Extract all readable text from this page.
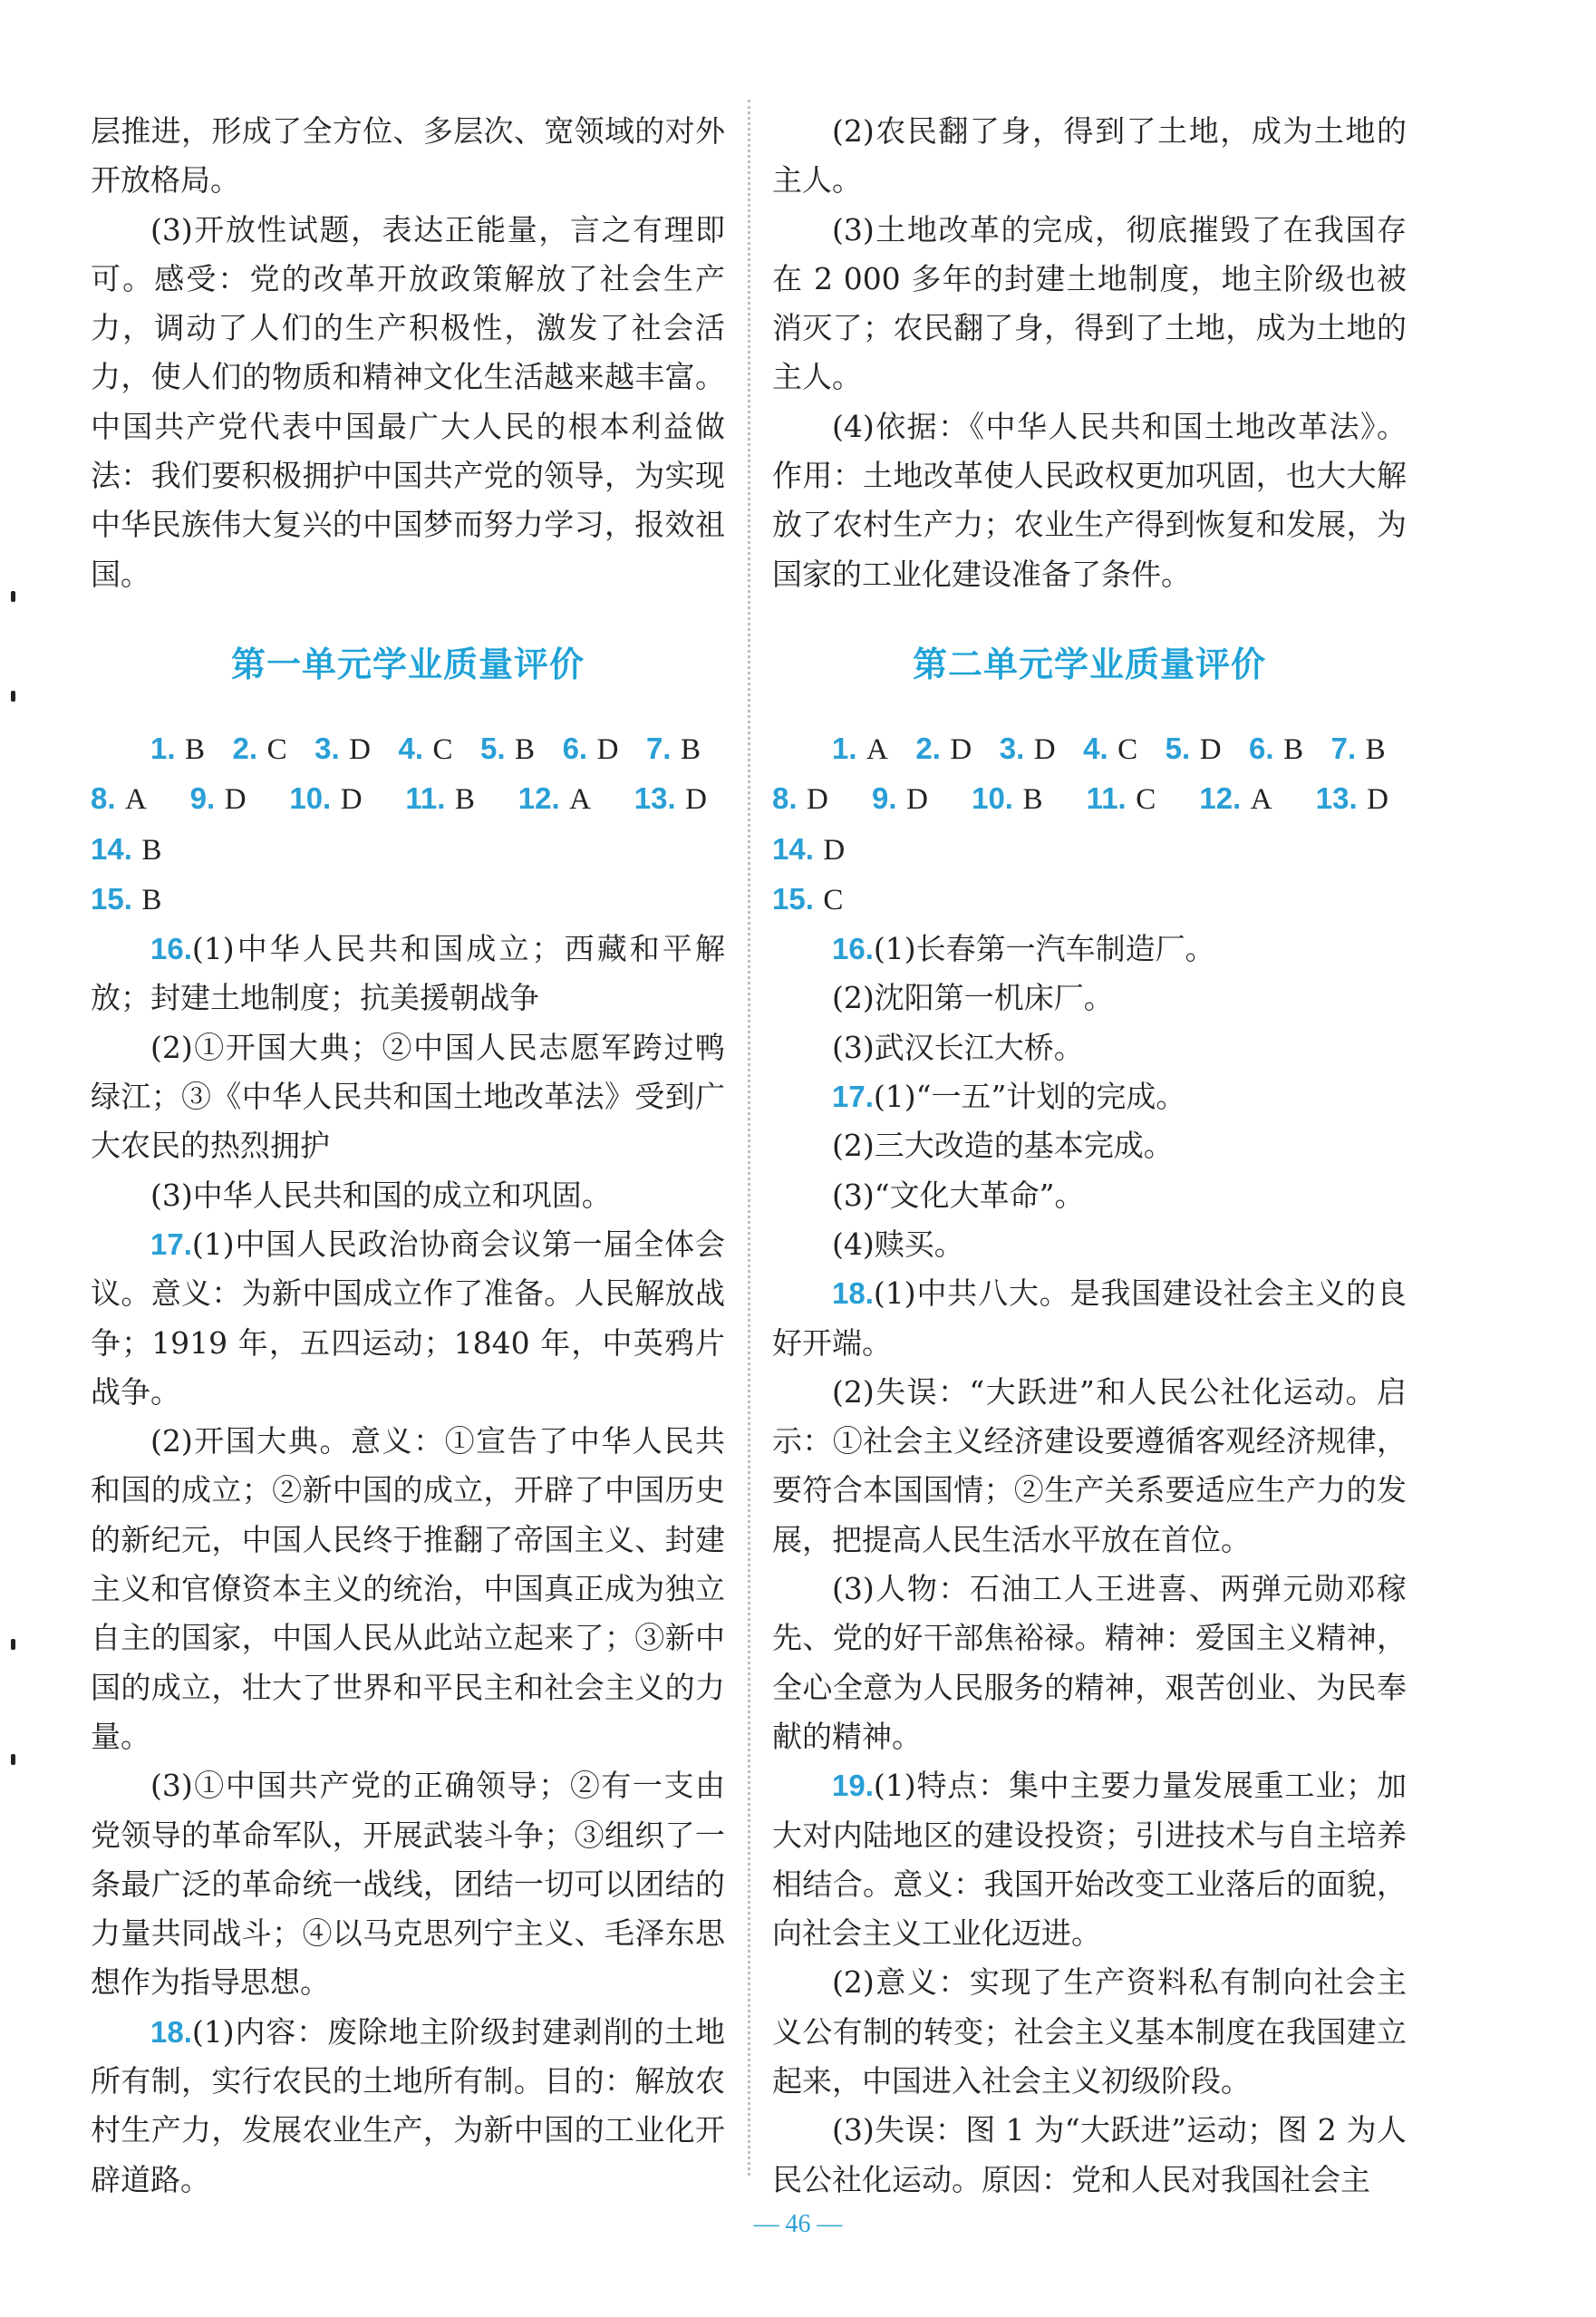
层推进，形成了全方位、多层次、宽领域的对外开放格局。

(3)开放性试题，表达正能量，言之有理即可。感受：党的改革开放政策解放了社会生产力，调动了人们的生产积极性，激发了社会活力，使人们的物质和精神文化生活越来越丰富。中国共产党代表中国最广大人民的根本利益做法：我们要积极拥护中国共产党的领导，为实现中华民族伟大复兴的中国梦而努力学习，报效祖国。

第一单元学业质量评价

1. B 2. C 3. D 4. C 5. B 6. D 7. B

8. A 9. D 10. D 11. B 12. A 13. D 14. B

15. B

16.(1)中华人民共和国成立；西藏和平解放；封建土地制度；抗美援朝战争

(2)①开国大典；②中国人民志愿军跨过鸭绿江；③《中华人民共和国土地改革法》受到广大农民的热烈拥护

(3)中华人民共和国的成立和巩固。

17.(1)中国人民政治协商会议第一届全体会议。意义：为新中国成立作了准备。人民解放战争；1919 年，五四运动；1840 年，中英鸦片战争。

(2)开国大典。意义：①宣告了中华人民共和国的成立；②新中国的成立，开辟了中国历史的新纪元，中国人民终于推翻了帝国主义、封建主义和官僚资本主义的统治，中国真正成为独立自主的国家，中国人民从此站立起来了；③新中国的成立，壮大了世界和平民主和社会主义的力量。

(3)①中国共产党的正确领导；②有一支由党领导的革命军队，开展武装斗争；③组织了一条最广泛的革命统一战线，团结一切可以团结的力量共同战斗；④以马克思列宁主义、毛泽东思想作为指导思想。

18.(1)内容：废除地主阶级封建剥削的土地所有制，实行农民的土地所有制。目的：解放农村生产力，发展农业生产，为新中国的工业化开辟道路。

(2)农民翻了身，得到了土地，成为土地的主人。

(3)土地改革的完成，彻底摧毁了在我国存在 2 000 多年的封建土地制度，地主阶级也被消灭了；农民翻了身，得到了土地，成为土地的主人。

(4)依据：《中华人民共和国土地改革法》。作用：土地改革使人民政权更加巩固，也大大解放了农村生产力；农业生产得到恢复和发展，为国家的工业化建设准备了条件。

第二单元学业质量评价

1. A 2. D 3. D 4. C 5. D 6. B 7. B

8. D 9. D 10. B 11. C 12. A 13. D 14. D

15. C

16.(1)长春第一汽车制造厂。

(2)沈阳第一机床厂。

(3)武汉长江大桥。

17.(1)“一五”计划的完成。

(2)三大改造的基本完成。

(3)“文化大革命”。

(4)赎买。

18.(1)中共八大。是我国建设社会主义的良好开端。

(2)失误：“大跃进”和人民公社化运动。启示：①社会主义经济建设要遵循客观经济规律，要符合本国国情；②生产关系要适应生产力的发展，把提高人民生活水平放在首位。

(3)人物：石油工人王进喜、两弹元勋邓稼先、党的好干部焦裕禄。精神：爱国主义精神，全心全意为人民服务的精神，艰苦创业、为民奉献的精神。

19.(1)特点：集中主要力量发展重工业；加大对内陆地区的建设投资；引进技术与自主培养相结合。意义：我国开始改变工业落后的面貌，向社会主义工业化迈进。

(2)意义：实现了生产资料私有制向社会主义公有制的转变；社会主义基本制度在我国建立起来，中国进入社会主义初级阶段。

(3)失误：图 1 为“大跃进”运动；图 2 为人民公社化运动。原因：党和人民对我国社会主

— 46 —
